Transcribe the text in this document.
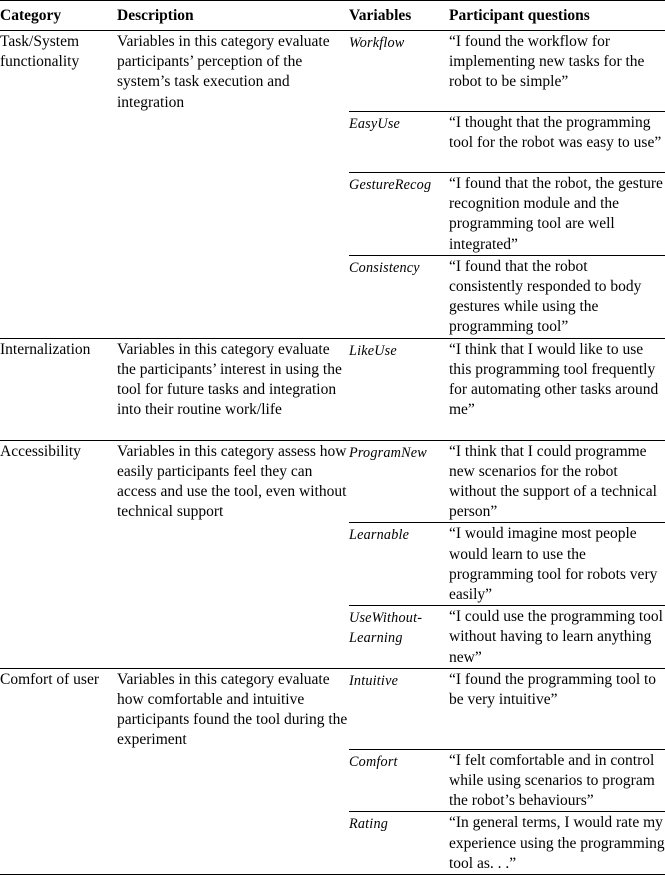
Category	Description	Variables	Participant questions

Task/System functionality	Variables in this category evaluate participants’ perception of the system’s task execution and integration	Workflow	“I found the workflow for implementing new tasks for the robot to be simple”

		EasyUse	“I thought that the programming tool for the robot was easy to use”

		GestureRecog	“I found that the robot, the gesture recognition module and the programming tool are well integrated”

		Consistency	“I found that the robot consistently responded to body gestures while using the programming tool”

Internalization	Variables in this category evaluate the participants’ interest in using the tool for future tasks and integration into their routine work/life	LikeUse	“I think that I would like to use this programming tool frequently for automating other tasks around me”

Accessibility	Variables in this category assess how easily participants feel they can access and use the tool, even without technical support	ProgramNew	“I think that I could programme new scenarios for the robot without the support of a technical person”

		Learnable	“I would imagine most people would learn to use the programming tool for robots very easily”

		UseWithout-Learning	“I could use the programming tool without having to learn anything new”

Comfort of user	Variables in this category evaluate how comfortable and intuitive participants found the tool during the experiment	Intuitive	“I found the programming tool to be very intuitive”

		Comfort	“I felt comfortable and in control while using scenarios to program the robot’s behaviours”

		Rating	“In general terms, I would rate my experience using the programming tool as. . .”
